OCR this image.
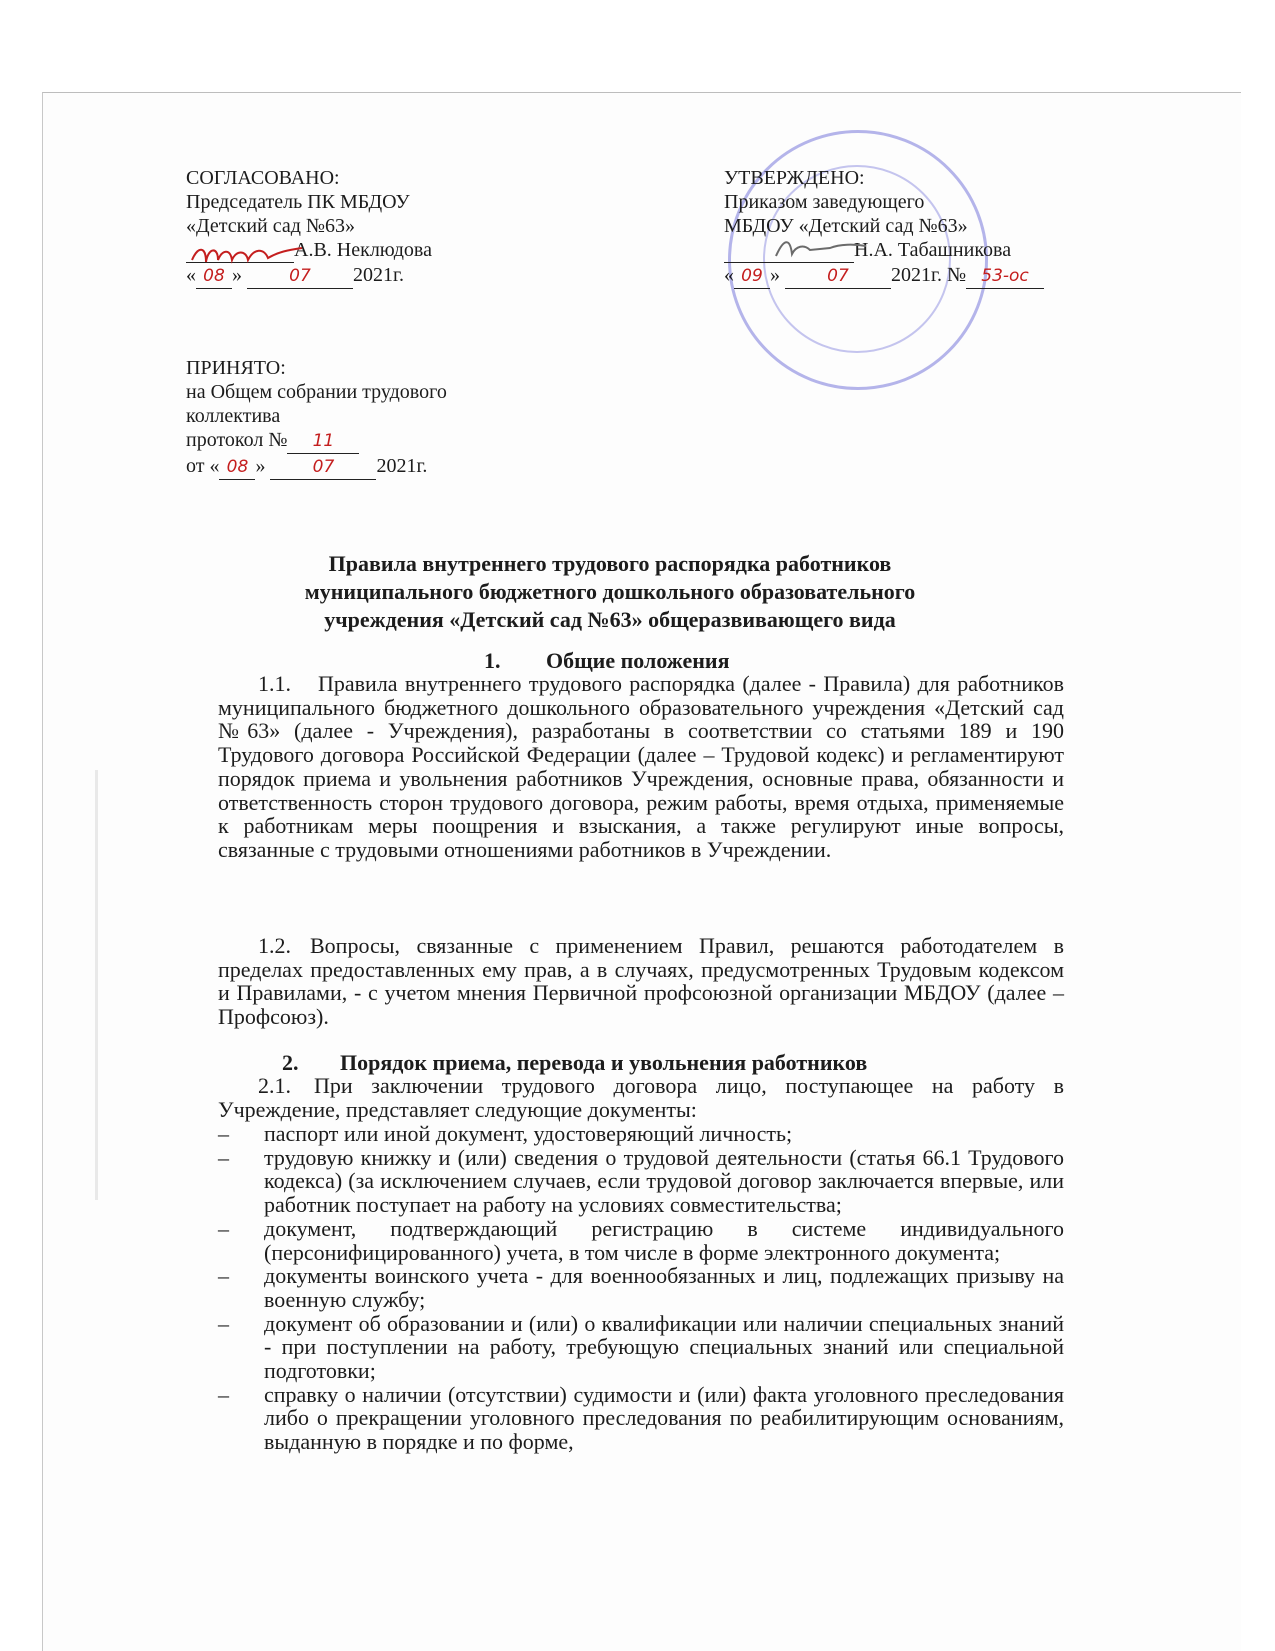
СОГЛАСОВАНО:
Председатель ПК МБДОУ
«Детский сад №63»
А.В. Неклюдова
« 08 »	07 2021г.
УТВЕРЖДЕНО:
Приказом заведующего
МБДОУ «Детский сад №63»
Н.А. Табашникова
« 09 »	07 2021г. № 53-ос
ПРИНЯТО:
на Общем собрании трудового
коллектива
протокол № 11
от « 08 »	07 2021г.
Правила внутреннего трудового распорядка работников
муниципального бюджетного дошкольного образовательного
учреждения «Детский сад №63» общеразвивающего вида
1. Общие положения
1.1. Правила внутреннего трудового распорядка (далее - Правила) для работников муниципального бюджетного дошкольного образовательного учреждения «Детский сад №63» (далее - Учреждения), разработаны в соответствии со статьями 189 и 190 Трудового договора Российской Федерации (далее – Трудовой кодекс) и регламентируют порядок приема и увольнения работников Учреждения, основные права, обязанности и ответственность сторон трудового договора, режим работы, время отдыха, применяемые к работникам меры поощрения и взыскания, а также регулируют иные вопросы, связанные с трудовыми отношениями работников в Учреждении.
1.2. Вопросы, связанные с применением Правил, решаются работодателем в пределах предоставленных ему прав, а в случаях, предусмотренных Трудовым кодексом и Правилами, - с учетом мнения Первичной профсоюзной организации МБДОУ (далее – Профсоюз).
2. Порядок приема, перевода и увольнения работников
2.1. При заключении трудового договора лицо, поступающее на работу в Учреждение, представляет следующие документы:
– паспорт или иной документ, удостоверяющий личность;
– трудовую книжку и (или) сведения о трудовой деятельности (статья 66.1 Трудового кодекса) (за исключением случаев, если трудовой договор заключается впервые, или работник поступает на работу на условиях совместительства;
– документ, подтверждающий регистрацию в системе индивидуального (персонифицированного) учета, в том числе в форме электронного документа;
– документы воинского учета - для военнообязанных и лиц, подлежащих призыву на военную службу;
– документ об образовании и (или) о квалификации или наличии специальных знаний - при поступлении на работу, требующую специальных знаний или специальной подготовки;
– справку о наличии (отсутствии) судимости и (или) факта уголовного преследования либо о прекращении уголовного преследования по реабилитирующим основаниям, выданную в порядке и по форме,
